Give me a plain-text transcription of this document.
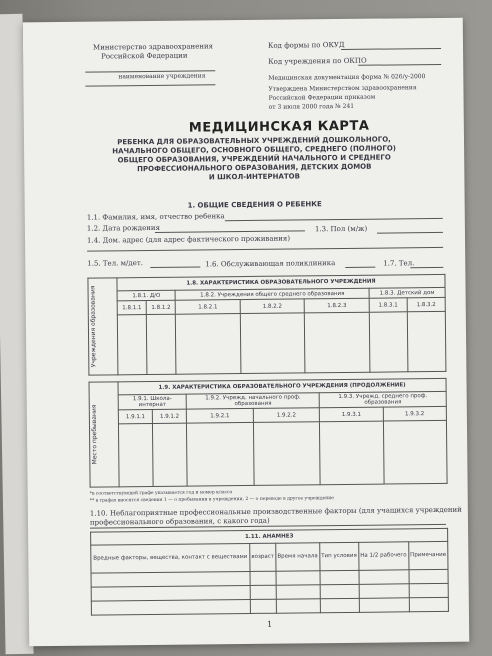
Министерство здравоохранения
Российской Федерации
наименование учреждения
Код формы по ОКУД
Код учреждения по ОКПО
Медицинская документация форма № 026/у-2000
Утверждена Министерством здравоохранения
Российской Федерации приказом
от 3 июля 2000 года № 241
МЕДИЦИНСКАЯ КАРТА
РЕБЕНКА ДЛЯ ОБРАЗОВАТЕЛЬНЫХ УЧРЕЖДЕНИЙ ДОШКОЛЬНОГО,
НАЧАЛЬНОГО ОБЩЕГО, ОСНОВНОГО ОБЩЕГО, СРЕДНЕГО (ПОЛНОГО)
ОБЩЕГО ОБРАЗОВАНИЯ, УЧРЕЖДЕНИЙ НАЧАЛЬНОГО И СРЕДНЕГО
ПРОФЕССИОНАЛЬНОГО ОБРАЗОВАНИЯ, ДЕТСКИХ ДОМОВ
И ШКОЛ-ИНТЕРНАТОВ
1. ОБЩИЕ СВЕДЕНИЯ О РЕБЕНКЕ
1.1. Фамилия, имя, отчество ребенка
1.2. Дата рождения	1.3. Пол (м/ж)
1.4. Дом. адрес (для адрес фактического проживания)
1.5. Тел. м/дет.	1.6. Обслуживающая поликлиника	1.7. Тел.
Учреждения образования	1.8. ХАРАКТЕРИСТИКА ОБРАЗОВАТЕЛЬНОГО УЧРЕЖДЕНИЯ						
	1.8.1. Д/О		1.8.2. Учреждения общего среднего образования			1.8.3. Детский дом	
	1.8.1.1	1.8.1.2	1.8.2.1	1.8.2.2	1.8.2.3	1.8.3.1	1.8.3.2

Место пребывания	1.9. ХАРАКТЕРИСТИКА ОБРАЗОВАТЕЛЬНОГО УЧРЕЖДЕНИЯ (ПРОДОЛЖЕНИЕ)					
	1.9.1. Школа-интернат		1.9.2. Учрежд. начального проф. образования		1.9.3. Учрежд. среднего проф. образования	
	1.9.1.1	1.9.1.2	1.9.2.1	1.9.2.2	1.9.3.1	1.9.3.2

*в соответствующей графе указывается год и номер класса
** в графах вносятся сведения 1 — о пребывании в учреждении, 2 — о переводе в другое учреждение
1.10. Неблагоприятные профессиональные производственные факторы (для учащихся учреждений
профессионального образования, с какого года)
1.11. АНАМНЕЗ					
Вредные факторы, вещества, контакт с веществами	возраст	Время начала	Тип условия	На 1/2 рабочего	Примечание

1
